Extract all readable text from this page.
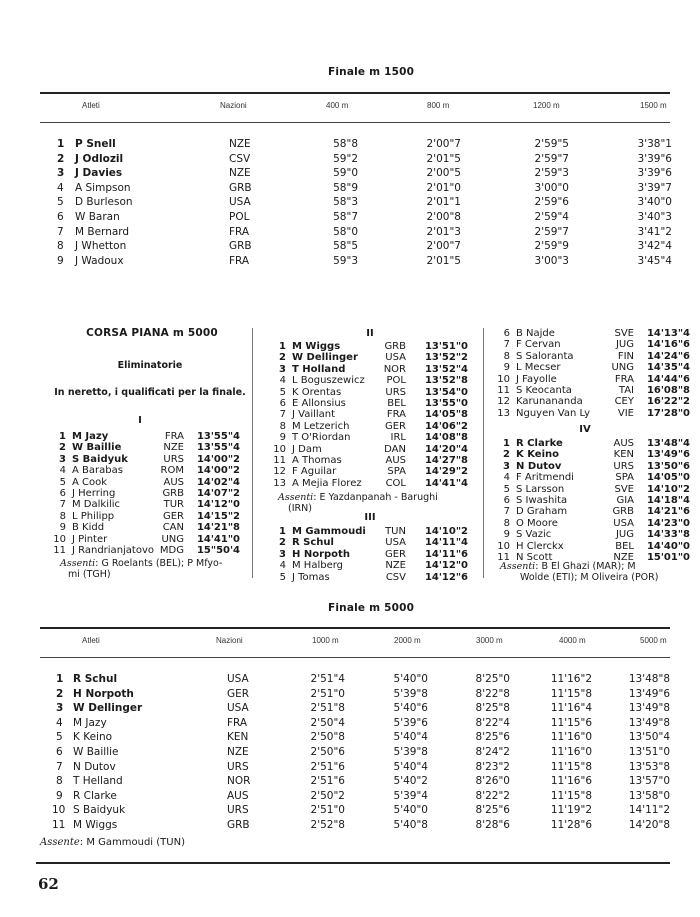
Finale m 1500
Atleti	Nazioni	400 m	800 m	1200 m	1500 m
1 P Snell	NZE	58"8	2'00"7	2'59"5	3'38"1
2 J Odlozil	CSV	59"2	2'01"5	2'59"7	3'39"6
3 J Davies	NZE	59"0	2'00"5	2'59"3	3'39"6
4 A Simpson	GRB	58"9	2'01"0	3'00"0	3'39"7
5 D Burleson	USA	58"3	2'01"1	2'59"6	3'40"0
6 W Baran	POL	58"7	2'00"8	2'59"4	3'40"3
7 M Bernard	FRA	58"0	2'01"3	2'59"7	3'41"2
8 J Whetton	GRB	58"5	2'00"7	2'59"9	3'42"4
9 J Wadoux	FRA	59"3	2'01"5	3'00"3	3'45"4
CORSA PIANA m 5000
Eliminatorie
In neretto, i qualificati per la finale.
I
1 M Jazy	FRA 13'55"4
2 W Baillie	NZE 13'55"4
3 S Baidyuk	URS 14'00"2
4 A Barabas	ROM 14'00"2
5 A Cook	AUS 14'02"4
6 J Herring	GRB 14'07"2
7 M Dalkilic	TUR 14'12"0
8 L Philipp	GER 14'15"2
9 B Kidd	CAN 14'21"8
10 J Pinter	UNG 14'41"0
11 J Randrianjatovo MDG 15"50'4
Assenti: G Roelants (BEL); P Mfyo-
mi (TGH)
II
1 M Wiggs	GRB 13'51"0
2 W Dellinger	USA 13'52"2
3 T Holland	NOR 13'52"4
4 L Boguszewicz POL 13'52"8
5 K Orentas	URS 13'54"0
6 E Allonsius	BEL 13'55"0
7 J Vaillant	FRA 14'05"8
8 M Letzerich	GER 14'06"2
9 T O'Riordan	IRL 14'08"8
10 J Dam	DAN 14'20"4
11 A Thomas	AUS 14'27"8
12 F Aguilar	SPA 14'29"2
13 A Mejia Florez COL 14'41"4
Assenti: E Yazdanpanah - Barughi
(IRN)
III
1 M Gammoudi TUN 14'10"2
2 R Schul	USA 14'11"4
3 H Norpoth	GER 14'11"6
4 M Halberg	NZE 14'12"0
5 J Tomas	CSV 14'12"6
6 B Najde	SVE 14'13"4
7 F Cervan	JUG 14'16"6
8 S Saloranta	FIN 14'24"6
9 L Mecser	UNG 14'35"4
10 J Fayolle	FRA 14'44"6
11 S Keocanta	TAI 16'08"8
12 Karunananda	CEY 16'22"2
13 Nguyen Van Ly	VIE 17'28"0
IV
1 R Clarke	AUS 13'48"4
2 K Keino	KEN 13'49"6
3 N Dutov	URS 13'50"6
4 F Aritmendi	SPA 14'05"0
5 S Larsson	SVE 14'10"2
6 S Iwashita	GIA 14'18"4
7 D Graham	GRB 14'21"6
8 O Moore	USA 14'23"0
9 S Vazic	JUG 14'33"8
10 H Clerckx	BEL 14'40"0
11 N Scott	NZE 15'01"0
Assenti: B El Ghazi (MAR); M
Wolde (ETI); M Oliveira (POR)
Finale m 5000
Atleti	Nazioni	1000 m	2000 m	3000 m	4000 m	5000 m
1 R Schul	USA	2'51"4	5'40"0	8'25"0	11'16"2	13'48"8
2 H Norpoth	GER	2'51"0	5'39"8	8'22"8	11'15"8	13'49"6
3 W Dellinger	USA	2'51"8	5'40"6	8'25"8	11'16"4	13'49"8
4 M Jazy	FRA	2'50"4	5'39"6	8'22"4	11'15"6	13'49"8
5 K Keino	KEN	2'50"8	5'40"4	8'25"6	11'16"0	13'50"4
6 W Baillie	NZE	2'50"6	5'39"8	8'24"2	11'16"0	13'51"0
7 N Dutov	URS	2'51"6	5'40"4	8'23"2	11'15"8	13'53"8
8 T Helland	NOR	2'51"6	5'40"2	8'26"0	11'16"6	13'57"0
9 R Clarke	AUS	2'50"2	5'39"4	8'22"2	11'15"8	13'58"0
10 S Baidyuk	URS	2'51"0	5'40"0	8'25"6	11'19"2	14'11"2
11 M Wiggs	GRB	2'52"8	5'40"8	8'28"6	11'28"6	14'20"8
Assente: M Gammoudi (TUN)
62
